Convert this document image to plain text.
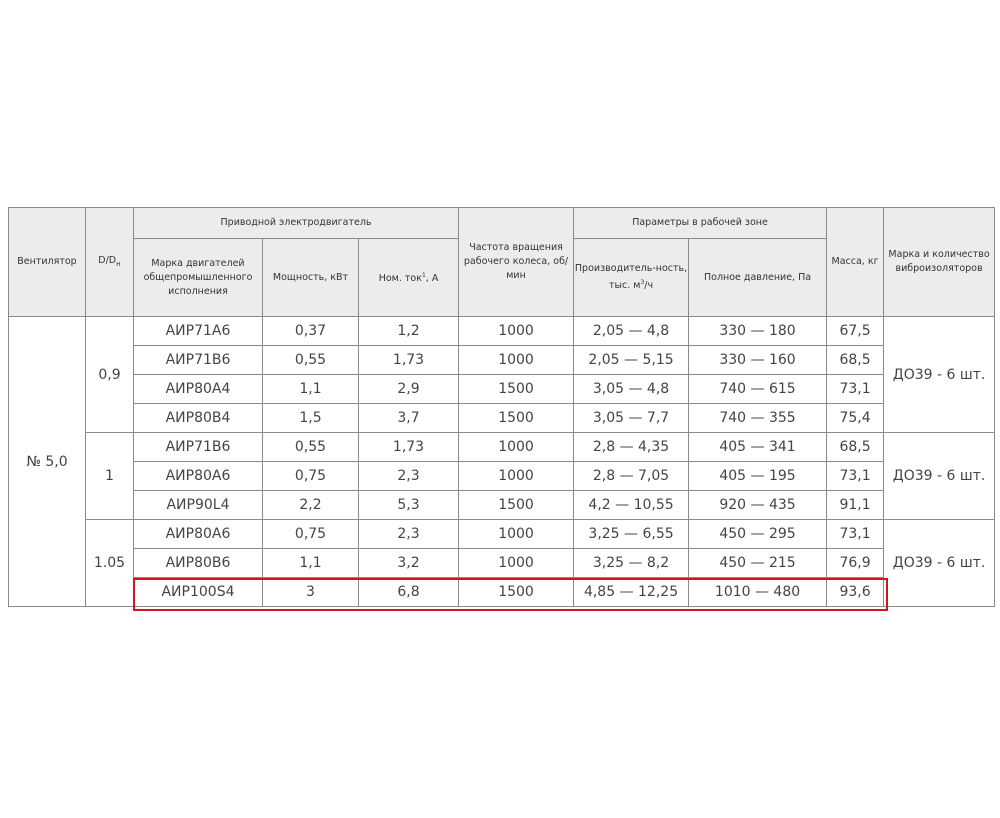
Вентилятор	$D/D_н$	Приводной электродвигатель			Частота вращения рабочего колеса, об/мин	Параметры в рабочей зоне		Масса, кг	Марка и количество виброизоляторов
		Марка двигателей общепромышленного исполнения	Мощность, кВт	Ном. ток$^1$, А		Производитель-ность, тыс. $м^3/ч$	Полное давление, Па		
№ 5,0	0,9	АИР71А6	0,37	1,2	1000	2,05 — 4,8	330 — 180	67,5	ДО39 - 6 шт.
		АИР71В6	0,55	1,73	1000	2,05 — 5,15	330 — 160	68,5	
		АИР80А4	1,1	2,9	1500	3,05 — 4,8	740 — 615	73,1	
		АИР80В4	1,5	3,7	1500	3,05 — 7,7	740 — 355	75,4	
	1	АИР71В6	0,55	1,73	1000	2,8 — 4,35	405 — 341	68,5	ДО39 - 6 шт.
		АИР80А6	0,75	2,3	1000	2,8 — 7,05	405 — 195	73,1	
		АИР90L4	2,2	5,3	1500	4,2 — 10,55	920 — 435	91,1	
	1.05	АИР80А6	0,75	2,3	1000	3,25 — 6,55	450 — 295	73,1	ДО39 - 6 шт.
		АИР80В6	1,1	3,2	1000	3,25 — 8,2	450 — 215	76,9	
		АИР100S4	3	6,8	1500	4,85 — 12,25	1010 — 480	93,6	
